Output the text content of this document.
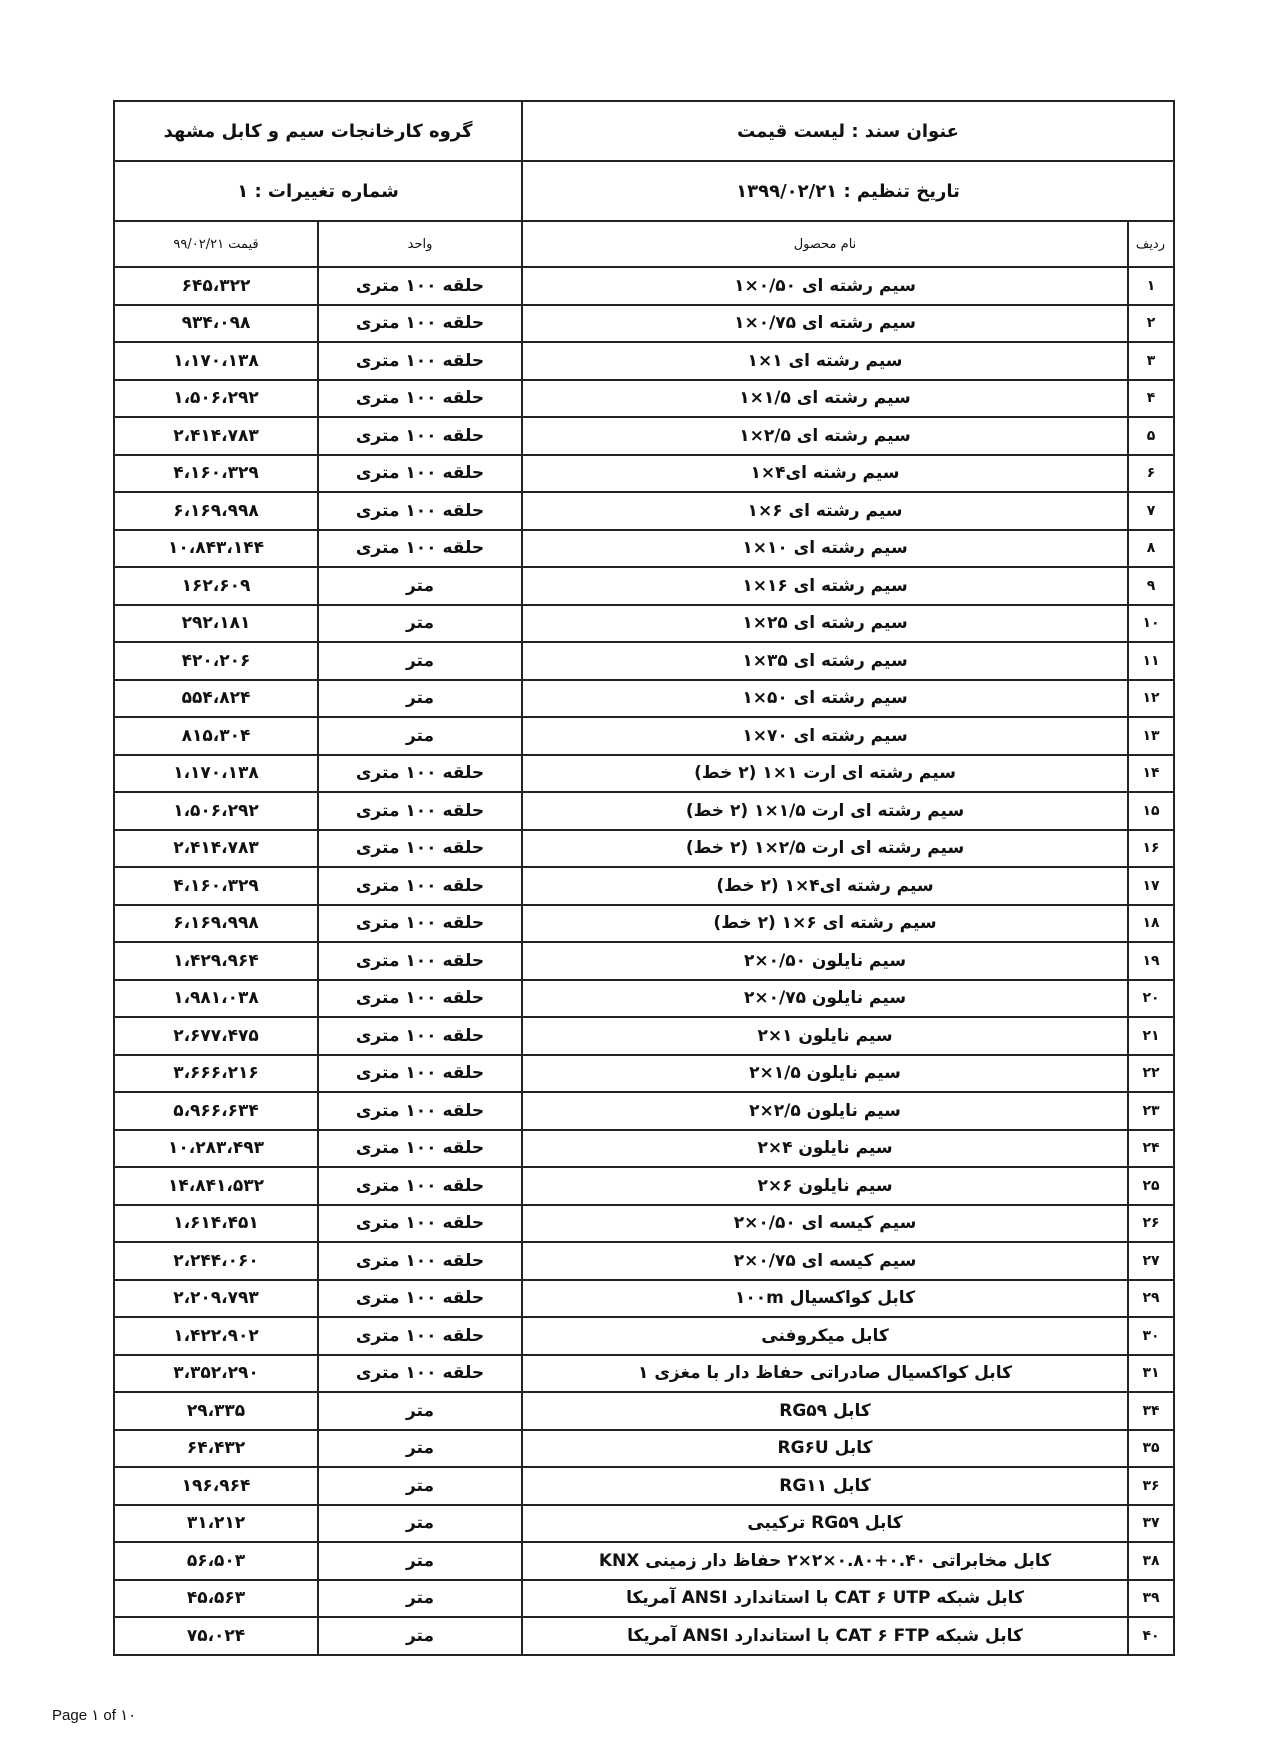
عنوان سند : لیست قیمت		گروه کارخانجات سیم و کابل مشهد	
تاریخ تنظیم : ۱۳۹۹/۰۲/۲۱		شماره تغییرات : ۱	
ردیف	نام محصول	واحد	قیمت ۹۹/۰۲/۲۱
۱	سیم رشته ای ۰/۵۰×۱	حلقه ۱۰۰ متری	۶۴۵،۳۲۲
۲	سیم رشته ای ۰/۷۵×۱	حلقه ۱۰۰ متری	۹۳۴،۰۹۸
۳	سیم رشته ای ۱×۱	حلقه ۱۰۰ متری	۱،۱۷۰،۱۳۸
۴	سیم رشته ای ۱/۵×۱	حلقه ۱۰۰ متری	۱،۵۰۶،۲۹۲
۵	سیم رشته ای ۲/۵×۱	حلقه ۱۰۰ متری	۲،۴۱۴،۷۸۳
۶	سیم رشته ای۴×۱	حلقه ۱۰۰ متری	۴،۱۶۰،۳۲۹
۷	سیم رشته ای ۶×۱	حلقه ۱۰۰ متری	۶،۱۶۹،۹۹۸
۸	سیم رشته ای ۱۰×۱	حلقه ۱۰۰ متری	۱۰،۸۴۳،۱۴۴
۹	سیم رشته ای ۱۶×۱	متر	۱۶۲،۶۰۹
۱۰	سیم رشته ای ۲۵×۱	متر	۲۹۲،۱۸۱
۱۱	سیم رشته ای ۳۵×۱	متر	۴۲۰،۲۰۶
۱۲	سیم رشته ای ۵۰×۱	متر	۵۵۴،۸۲۴
۱۳	سیم رشته ای ۷۰×۱	متر	۸۱۵،۳۰۴
۱۴	سیم رشته ای ارت ۱×۱ (۲ خط)	حلقه ۱۰۰ متری	۱،۱۷۰،۱۳۸
۱۵	سیم رشته ای ارت ۱/۵×۱ (۲ خط)	حلقه ۱۰۰ متری	۱،۵۰۶،۲۹۲
۱۶	سیم رشته ای ارت ۲/۵×۱ (۲ خط)	حلقه ۱۰۰ متری	۲،۴۱۴،۷۸۳
۱۷	سیم رشته ای۴×۱ (۲ خط)	حلقه ۱۰۰ متری	۴،۱۶۰،۳۲۹
۱۸	سیم رشته ای ۶×۱ (۲ خط)	حلقه ۱۰۰ متری	۶،۱۶۹،۹۹۸
۱۹	سیم نایلون ۰/۵۰×۲	حلقه ۱۰۰ متری	۱،۴۲۹،۹۶۴
۲۰	سیم نایلون ۰/۷۵×۲	حلقه ۱۰۰ متری	۱،۹۸۱،۰۳۸
۲۱	سیم نایلون ۱×۲	حلقه ۱۰۰ متری	۲،۶۷۷،۴۷۵
۲۲	سیم نایلون ۱/۵×۲	حلقه ۱۰۰ متری	۳،۶۶۶،۲۱۶
۲۳	سیم نایلون ۲/۵×۲	حلقه ۱۰۰ متری	۵،۹۶۶،۶۳۴
۲۴	سیم نایلون ۴×۲	حلقه ۱۰۰ متری	۱۰،۲۸۳،۴۹۳
۲۵	سیم نایلون ۶×۲	حلقه ۱۰۰ متری	۱۴،۸۴۱،۵۳۲
۲۶	سیم کیسه ای ۰/۵۰×۲	حلقه ۱۰۰ متری	۱،۶۱۴،۴۵۱
۲۷	سیم کیسه ای ۰/۷۵×۲	حلقه ۱۰۰ متری	۲،۲۴۴،۰۶۰
۲۹	کابل کواکسیال ۱۰۰m	حلقه ۱۰۰ متری	۲،۲۰۹،۷۹۳
۳۰	کابل میکروفنی	حلقه ۱۰۰ متری	۱،۴۲۲،۹۰۲
۳۱	کابل کواکسیال صادراتی حفاظ دار با مغزی ۱	حلقه ۱۰۰ متری	۳،۳۵۲،۲۹۰
۳۴	کابل RG۵۹	متر	۲۹،۳۳۵
۳۵	کابل RG۶U	متر	۶۴،۴۳۲
۳۶	کابل RG۱۱	متر	۱۹۶،۹۶۴
۳۷	کابل RG۵۹ ترکیبی	متر	۳۱،۲۱۲
۳۸	کابل مخابراتی ۰.۴۰+۰.۸۰×۲×۲ حفاظ دار زمینی KNX	متر	۵۶،۵۰۳
۳۹	کابل شبکه CAT ۶ UTP با استاندارد ANSI آمریکا	متر	۴۵،۵۶۳
۴۰	کابل شبکه CAT ۶ FTP با استاندارد ANSI آمریکا	متر	۷۵،۰۲۴
Page ۱ of ۱۰
